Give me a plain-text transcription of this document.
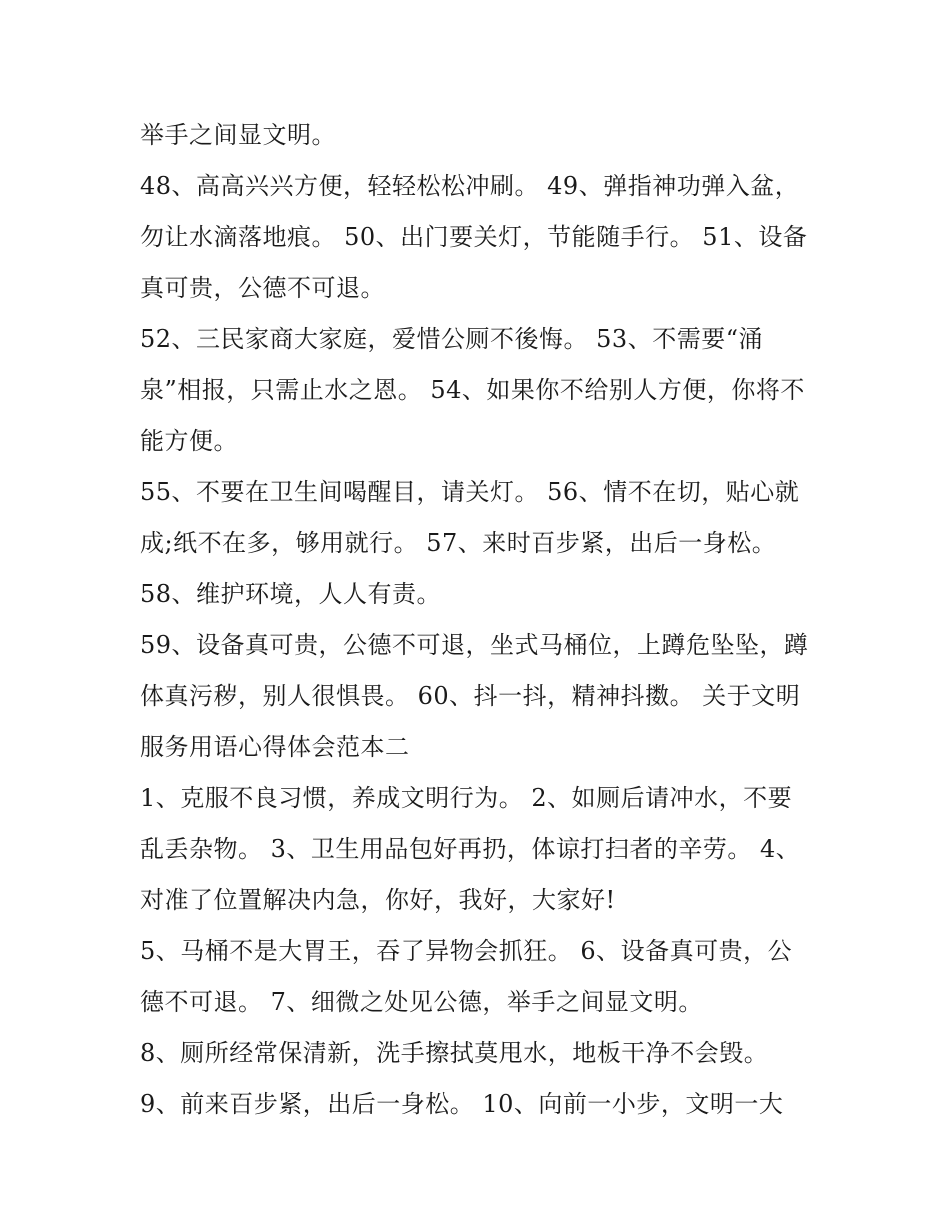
举手之间显文明。
48、高高兴兴方便，轻轻松松冲刷。 49、弹指神功弹入盆，
勿让水滴落地痕。 50、出门要关灯，节能随手行。 51、设备
真可贵，公德不可退。
52、三民家商大家庭，爱惜公厕不後悔。 53、不需要“涌
泉”相报，只需止水之恩。 54、如果你不给别人方便，你将不
能方便。
55、不要在卫生间喝醒目，请关灯。 56、情不在切，贴心就
成;纸不在多，够用就行。 57、来时百步紧，出后一身松。
58、维护环境，人人有责。
59、设备真可贵，公德不可退，坐式马桶位，上蹲危坠坠，蹲
体真污秽，别人很惧畏。 60、抖一抖，精神抖擞。 关于文明
服务用语心得体会范本二
1、克服不良习惯，养成文明行为。 2、如厕后请冲水，不要
乱丢杂物。 3、卫生用品包好再扔，体谅打扫者的辛劳。 4、
对准了位置解决内急，你好，我好，大家好!
5、马桶不是大胃王，吞了异物会抓狂。 6、设备真可贵，公
德不可退。 7、细微之处见公德，举手之间显文明。
8、厕所经常保清新，洗手擦拭莫甩水，地板干净不会毁。
9、前来百步紧，出后一身松。 10、向前一小步，文明一大
